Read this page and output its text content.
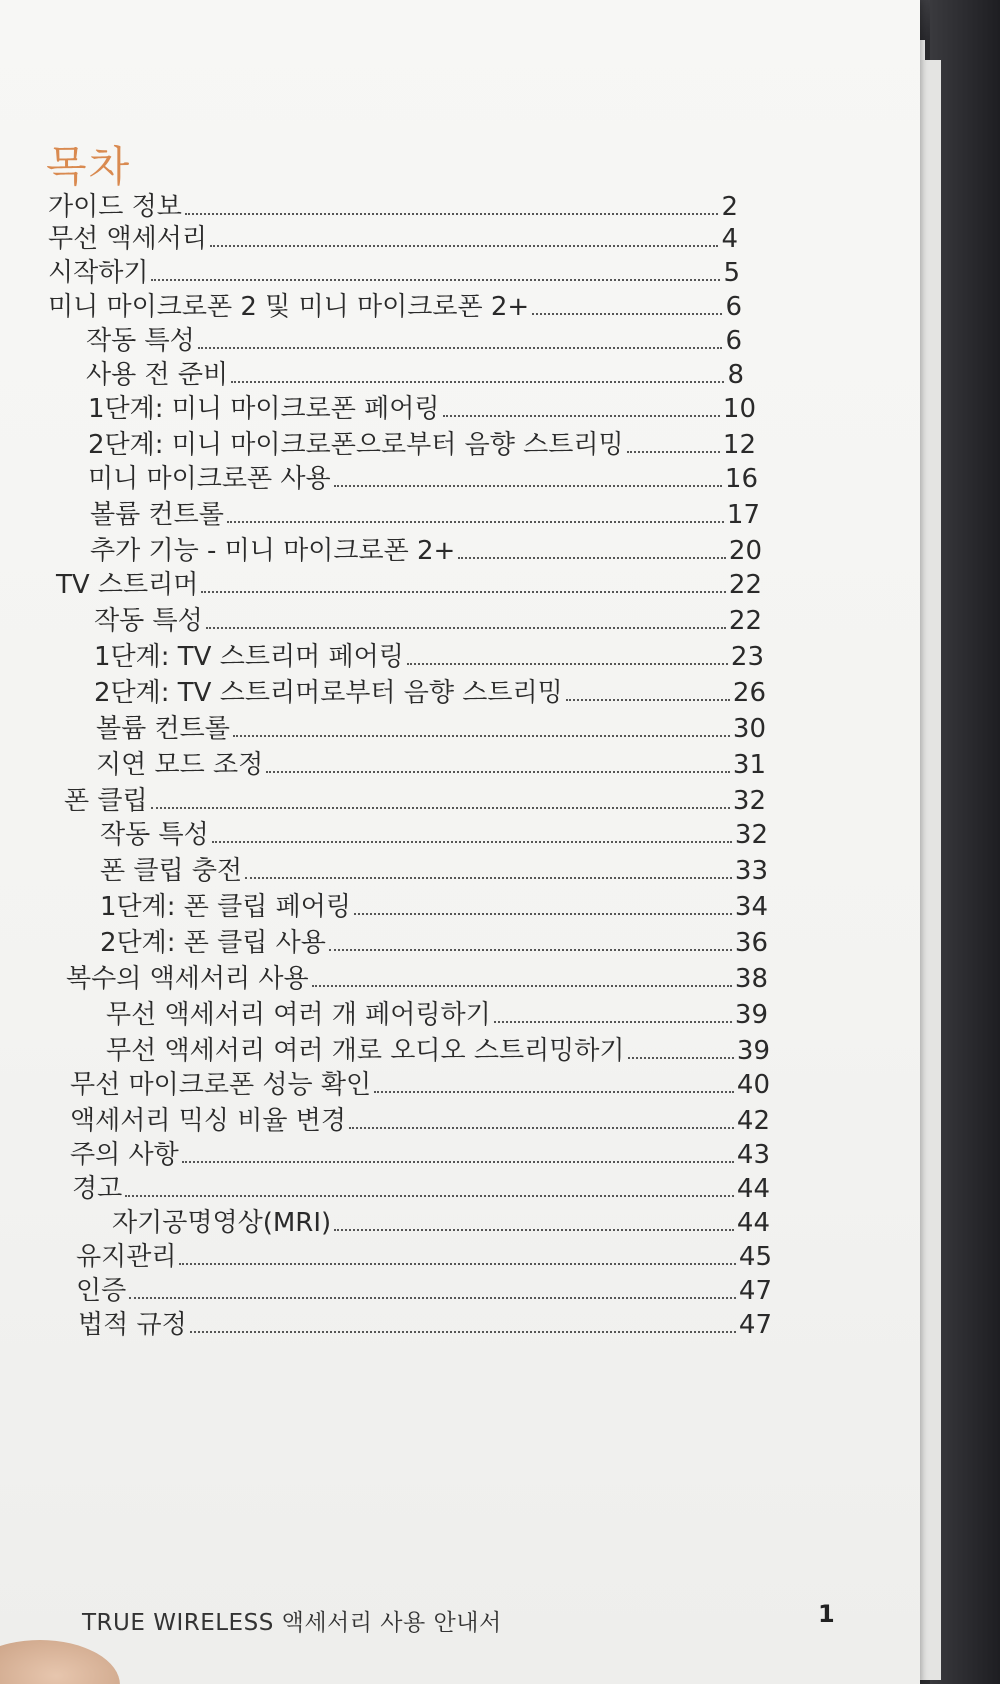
목차
가이드 정보	2
무선 액세서리	4
시작하기	5
미니 마이크로폰 2 및 미니 마이크로폰 2+	6
작동 특성	6
사용 전 준비	8
1단계: 미니 마이크로폰 페어링	10
2단계: 미니 마이크로폰으로부터 음향 스트리밍	12
미니 마이크로폰 사용	16
볼륨 컨트롤	17
추가 기능 - 미니 마이크로폰 2+	20
TV 스트리머	22
작동 특성	22
1단계: TV 스트리머 페어링	23
2단계: TV 스트리머로부터 음향 스트리밍	26
볼륨 컨트롤	30
지연 모드 조정	31
폰 클립	32
작동 특성	32
폰 클립 충전	33
1단계: 폰 클립 페어링	34
2단계: 폰 클립 사용	36
복수의 액세서리 사용	38
무선 액세서리 여러 개 페어링하기	39
무선 액세서리 여러 개로 오디오 스트리밍하기	39
무선 마이크로폰 성능 확인	40
액세서리 믹싱 비율 변경	42
주의 사항	43
경고	44
자기공명영상(MRI)	44
유지관리	45
인증	47
법적 규정	47
TRUE WIRELESS 액세서리 사용 안내서	1
